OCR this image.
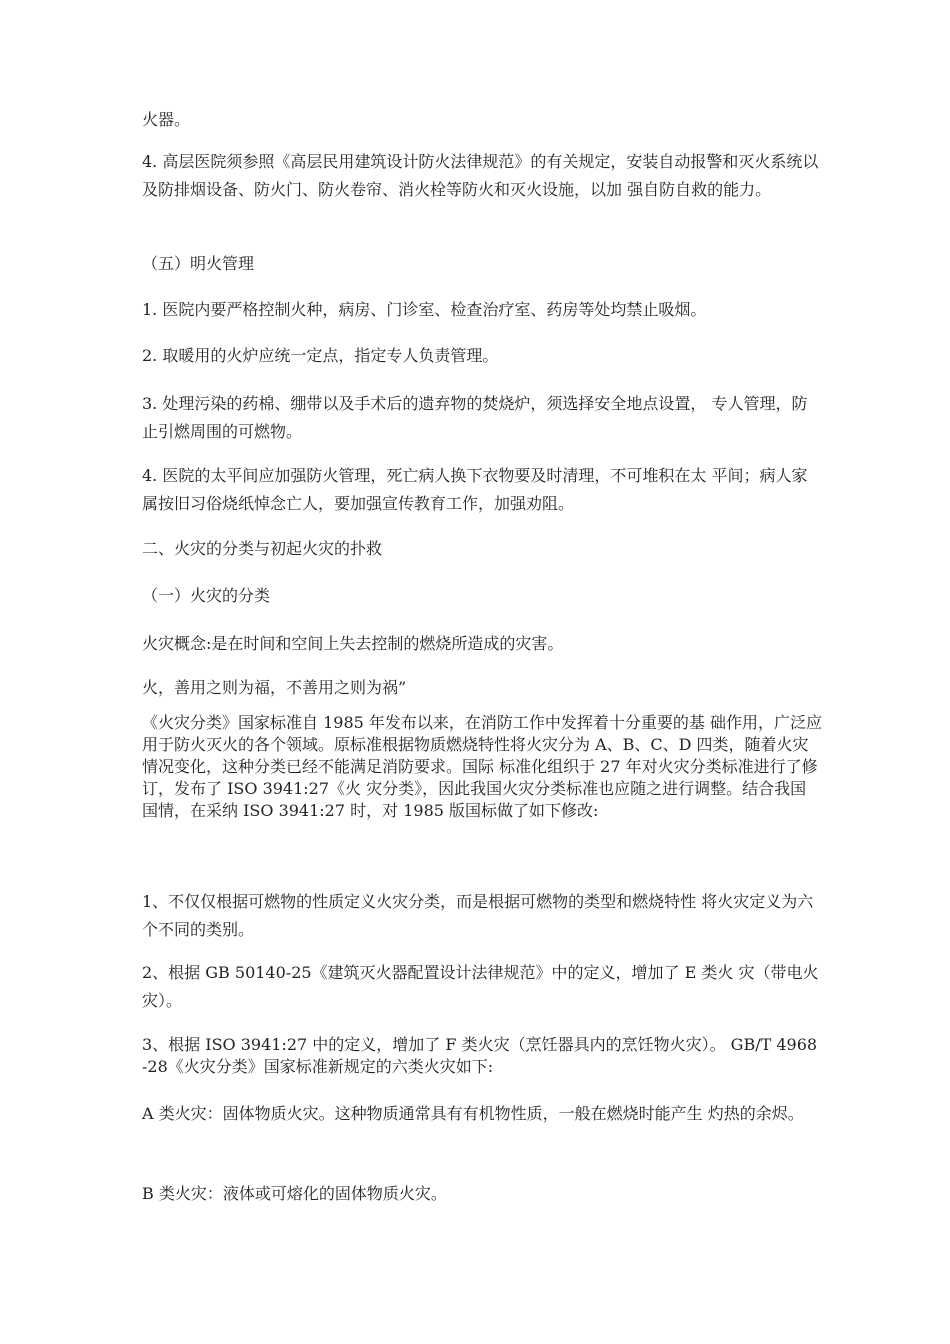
火器。

4. 高层医院须参照《高层民用建筑设计防火法律规范》的有关规定，安装自动报警和灭火系统以及防排烟设备、防火门、防火卷帘、消火栓等防火和灭火设施，以加 强自防自救的能力。

（五）明火管理

1. 医院内要严格控制火种，病房、门诊室、检查治疗室、药房等处均禁止吸烟。

2. 取暖用的火炉应统一定点，指定专人负责管理。

3. 处理污染的药棉、绷带以及手术后的遗弃物的焚烧炉，须选择安全地点设置， 专人管理，防止引燃周围的可燃物。

4. 医院的太平间应加强防火管理，死亡病人换下衣物要及时清理，不可堆积在太 平间；病人家属按旧习俗烧纸悼念亡人，要加强宣传教育工作，加强劝阻。

二、火灾的分类与初起火灾的扑救

（一）火灾的分类

火灾概念:是在时间和空间上失去控制的燃烧所造成的灾害。

火，善用之则为福，不善用之则为祸”

《火灾分类》国家标准自 1985 年发布以来，在消防工作中发挥着十分重要的基 础作用，广泛应用于防火灭火的各个领域。原标准根据物质燃烧特性将火灾分为 A、B、C、D 四类，随着火灾情况变化，这种分类已经不能满足消防要求。国际 标准化组织于 27 年对火灾分类标准进行了修订，发布了 ISO 3941:27《火 灾分类》，因此我国火灾分类标准也应随之进行调整。结合我国国情，在采纳 ISO 3941:27 时，对 1985 版国标做了如下修改:

1、不仅仅根据可燃物的性质定义火灾分类，而是根据可燃物的类型和燃烧特性 将火灾定义为六个不同的类别。

2、根据 GB 50140-25《建筑灭火器配置设计法律规范》中的定义，增加了 E 类火 灾（带电火灾）。

3、根据 ISO 3941:27 中的定义，增加了 F 类火灾（烹饪器具内的烹饪物火灾）。 GB/T 4968-28《火灾分类》国家标准新规定的六类火灾如下:

A 类火灾：固体物质火灾。这种物质通常具有有机物性质，一般在燃烧时能产生 灼热的余烬。

B 类火灾：液体或可熔化的固体物质火灾。
